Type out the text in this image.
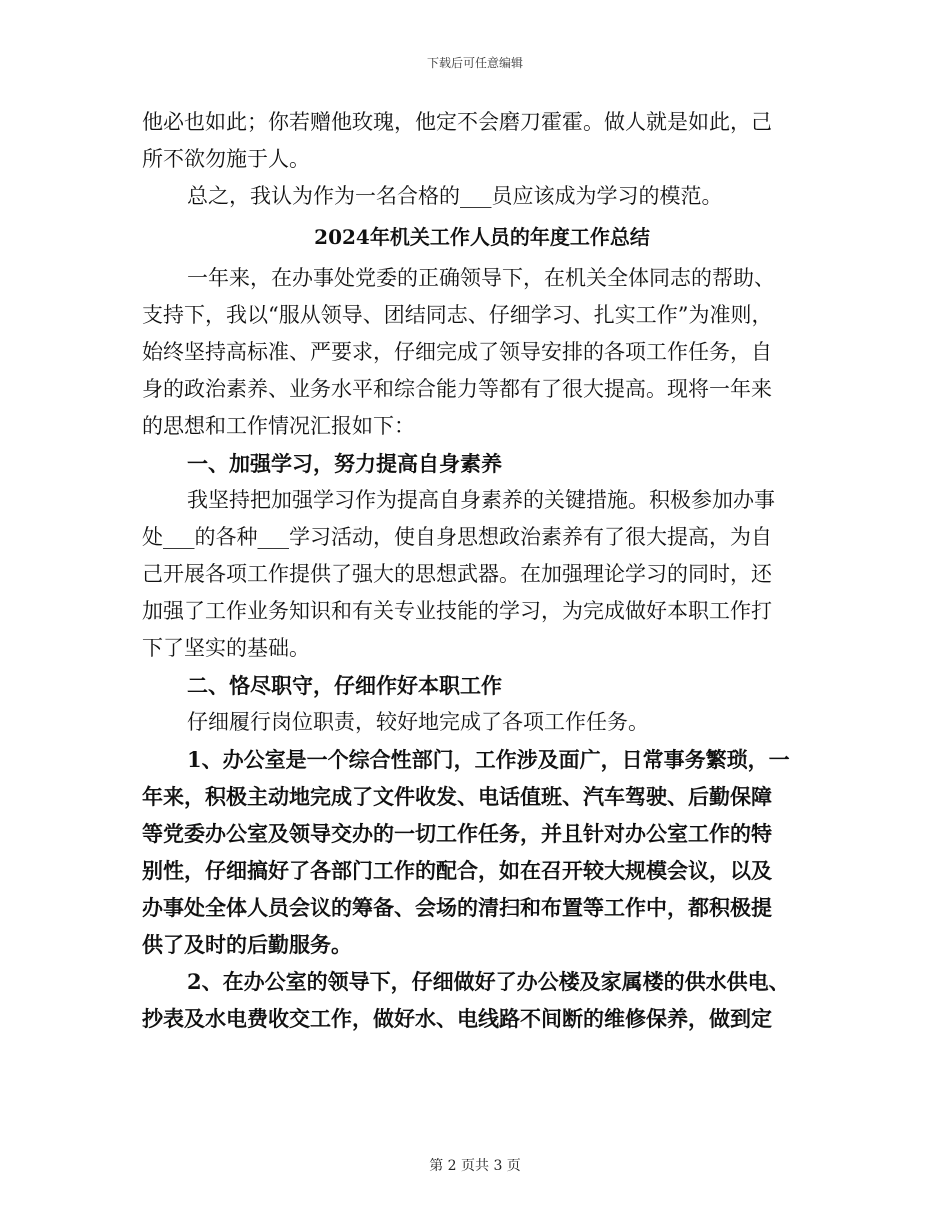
下载后可任意编辑
他必也如此；你若赠他玫瑰，他定不会磨刀霍霍。做人就是如此，己
所不欲勿施于人。
总之，我认为作为一名合格的___员应该成为学习的模范。
2024年机关工作人员的年度工作总结
一年来，在办事处党委的正确领导下，在机关全体同志的帮助、
支持下，我以“服从领导、团结同志、仔细学习、扎实工作”为准则，
始终坚持高标准、严要求，仔细完成了领导安排的各项工作任务，自
身的政治素养、业务水平和综合能力等都有了很大提高。现将一年来
的思想和工作情况汇报如下：
一、加强学习，努力提高自身素养
我坚持把加强学习作为提高自身素养的关键措施。积极参加办事
处___的各种___学习活动，使自身思想政治素养有了很大提高，为自
己开展各项工作提供了强大的思想武器。在加强理论学习的同时，还
加强了工作业务知识和有关专业技能的学习，为完成做好本职工作打
下了坚实的基础。
二、恪尽职守，仔细作好本职工作
仔细履行岗位职责，较好地完成了各项工作任务。
1、办公室是一个综合性部门，工作涉及面广，日常事务繁琐，一
年来，积极主动地完成了文件收发、电话值班、汽车驾驶、后勤保障
等党委办公室及领导交办的一切工作任务，并且针对办公室工作的特
别性，仔细搞好了各部门工作的配合，如在召开较大规模会议，以及
办事处全体人员会议的筹备、会场的清扫和布置等工作中，都积极提
供了及时的后勤服务。
2、在办公室的领导下，仔细做好了办公楼及家属楼的供水供电、
抄表及水电费收交工作，做好水、电线路不间断的维修保养，做到定
第 2 页共 3 页
